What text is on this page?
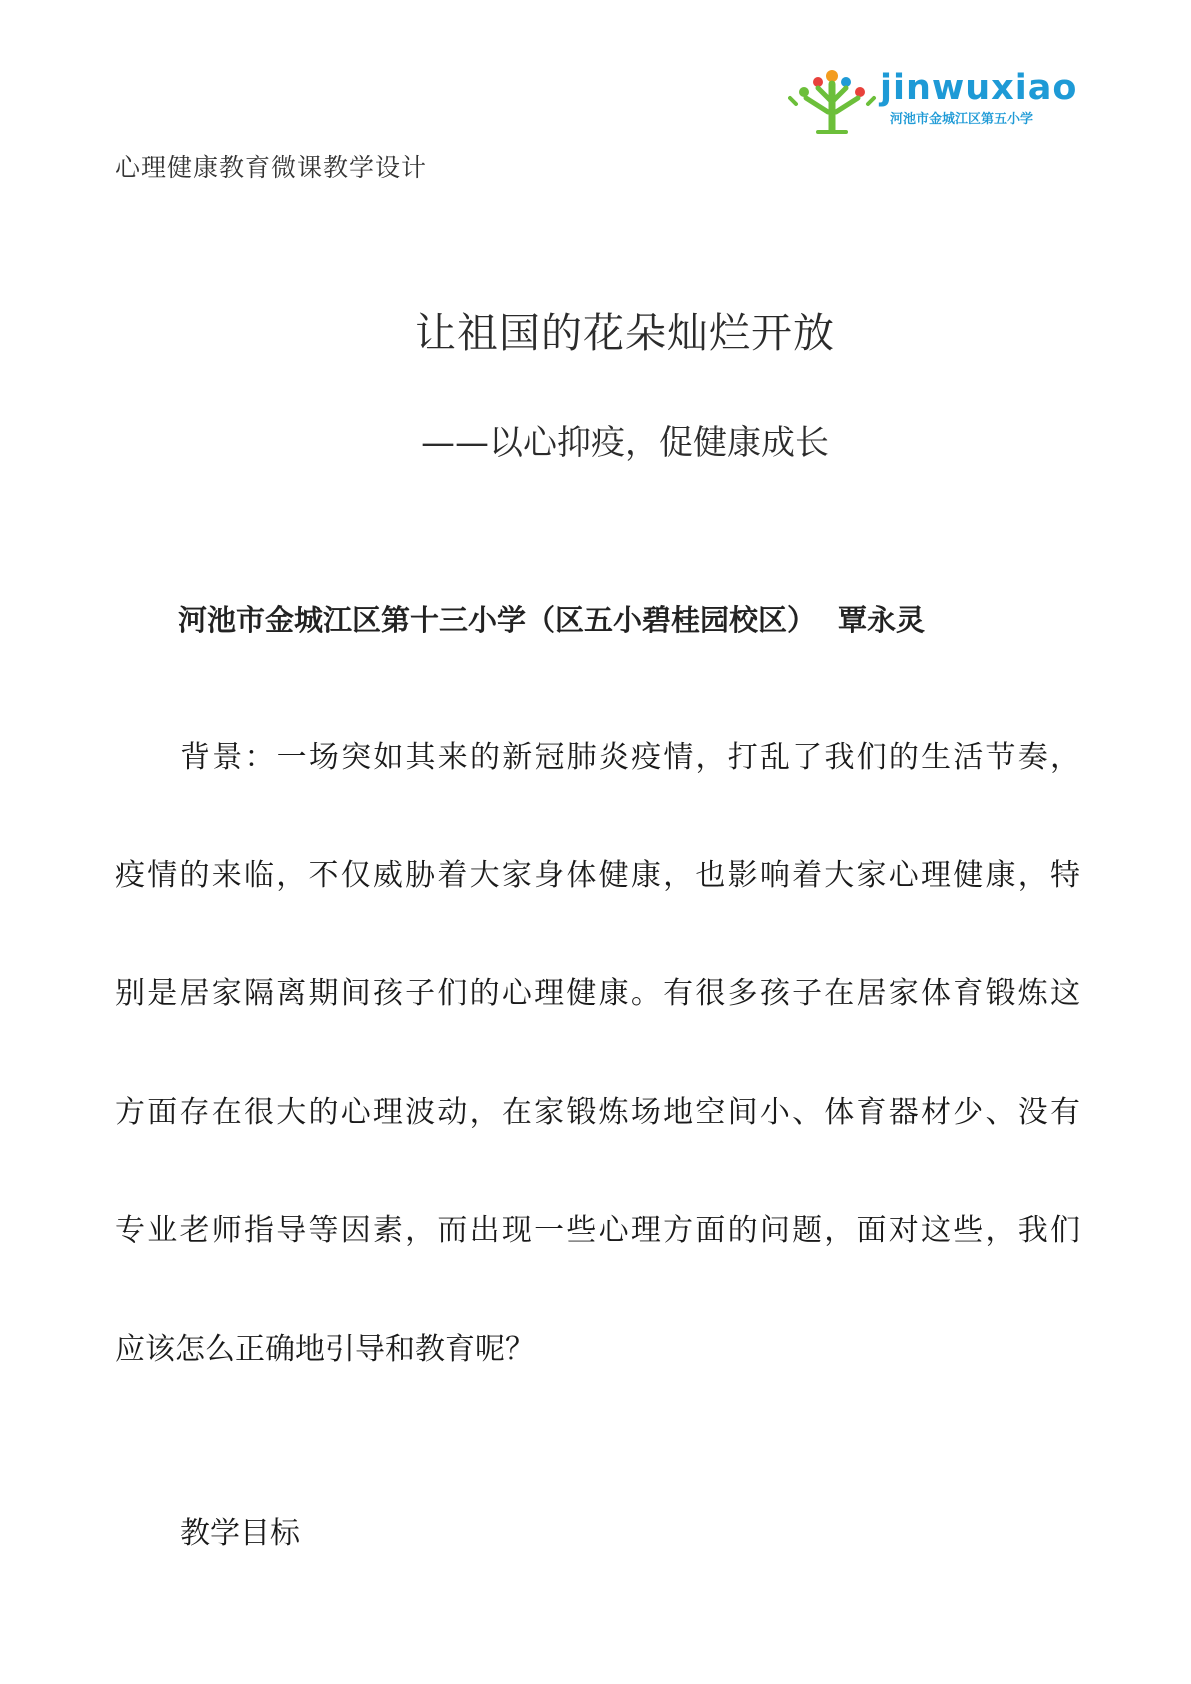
心理健康教育微课教学设计
jinwuxiao
河池市金城江区第五小学
让祖国的花朵灿烂开放
——以心抑疫，促健康成长
河池市金城江区第十三小学（区五小碧桂园校区） 覃永灵
背景：一场突如其来的新冠肺炎疫情，打乱了我们的生活节奏，
疫情的来临，不仅威胁着大家身体健康，也影响着大家心理健康，特
别是居家隔离期间孩子们的心理健康。有很多孩子在居家体育锻炼这
方面存在很大的心理波动，在家锻炼场地空间小、体育器材少、没有
专业老师指导等因素，而出现一些心理方面的问题，面对这些，我们
应该怎么正确地引导和教育呢？
教学目标
